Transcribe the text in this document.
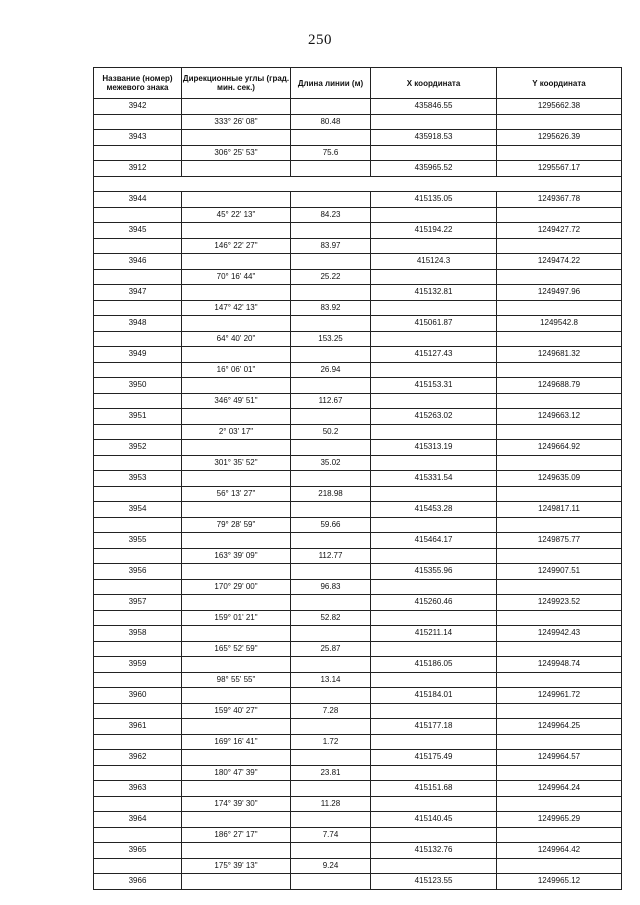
250
Название (номер) межевого знака	Дирекционные углы (град. мин. сек.)	Длина линии (м)	X координата	Y координата
3942			435846.55	1295662.38
	333° 26' 08"	80.48		
3943			435918.53	1295626.39
	306° 25' 53"	75.6		
3912			435965.52	1295567.17

3944			415135.05	1249367.78
	45° 22' 13"	84.23		
3945			415194.22	1249427.72
	146° 22' 27"	83.97		
3946			415124.3	1249474.22
	70° 16' 44"	25.22		
3947			415132.81	1249497.96
	147° 42' 13"	83.92		
3948			415061.87	1249542.8
	64° 40' 20"	153.25		
3949			415127.43	1249681.32
	16° 06' 01"	26.94		
3950			415153.31	1249688.79
	346° 49' 51"	112.67		
3951			415263.02	1249663.12
	2° 03' 17"	50.2		
3952			415313.19	1249664.92
	301° 35' 52"	35.02		
3953			415331.54	1249635.09
	56° 13' 27"	218.98		
3954			415453.28	1249817.11
	79° 28' 59"	59.66		
3955			415464.17	1249875.77
	163° 39' 09"	112.77		
3956			415355.96	1249907.51
	170° 29' 00"	96.83		
3957			415260.46	1249923.52
	159° 01' 21"	52.82		
3958			415211.14	1249942.43
	165° 52' 59"	25.87		
3959			415186.05	1249948.74
	98° 55' 55"	13.14		
3960			415184.01	1249961.72
	159° 40' 27"	7.28		
3961			415177.18	1249964.25
	169° 16' 41"	1.72		
3962			415175.49	1249964.57
	180° 47' 39"	23.81		
3963			415151.68	1249964.24
	174° 39' 30"	11.28		
3964			415140.45	1249965.29
	186° 27' 17"	7.74		
3965			415132.76	1249964.42
	175° 39' 13"	9.24		
3966			415123.55	1249965.12
